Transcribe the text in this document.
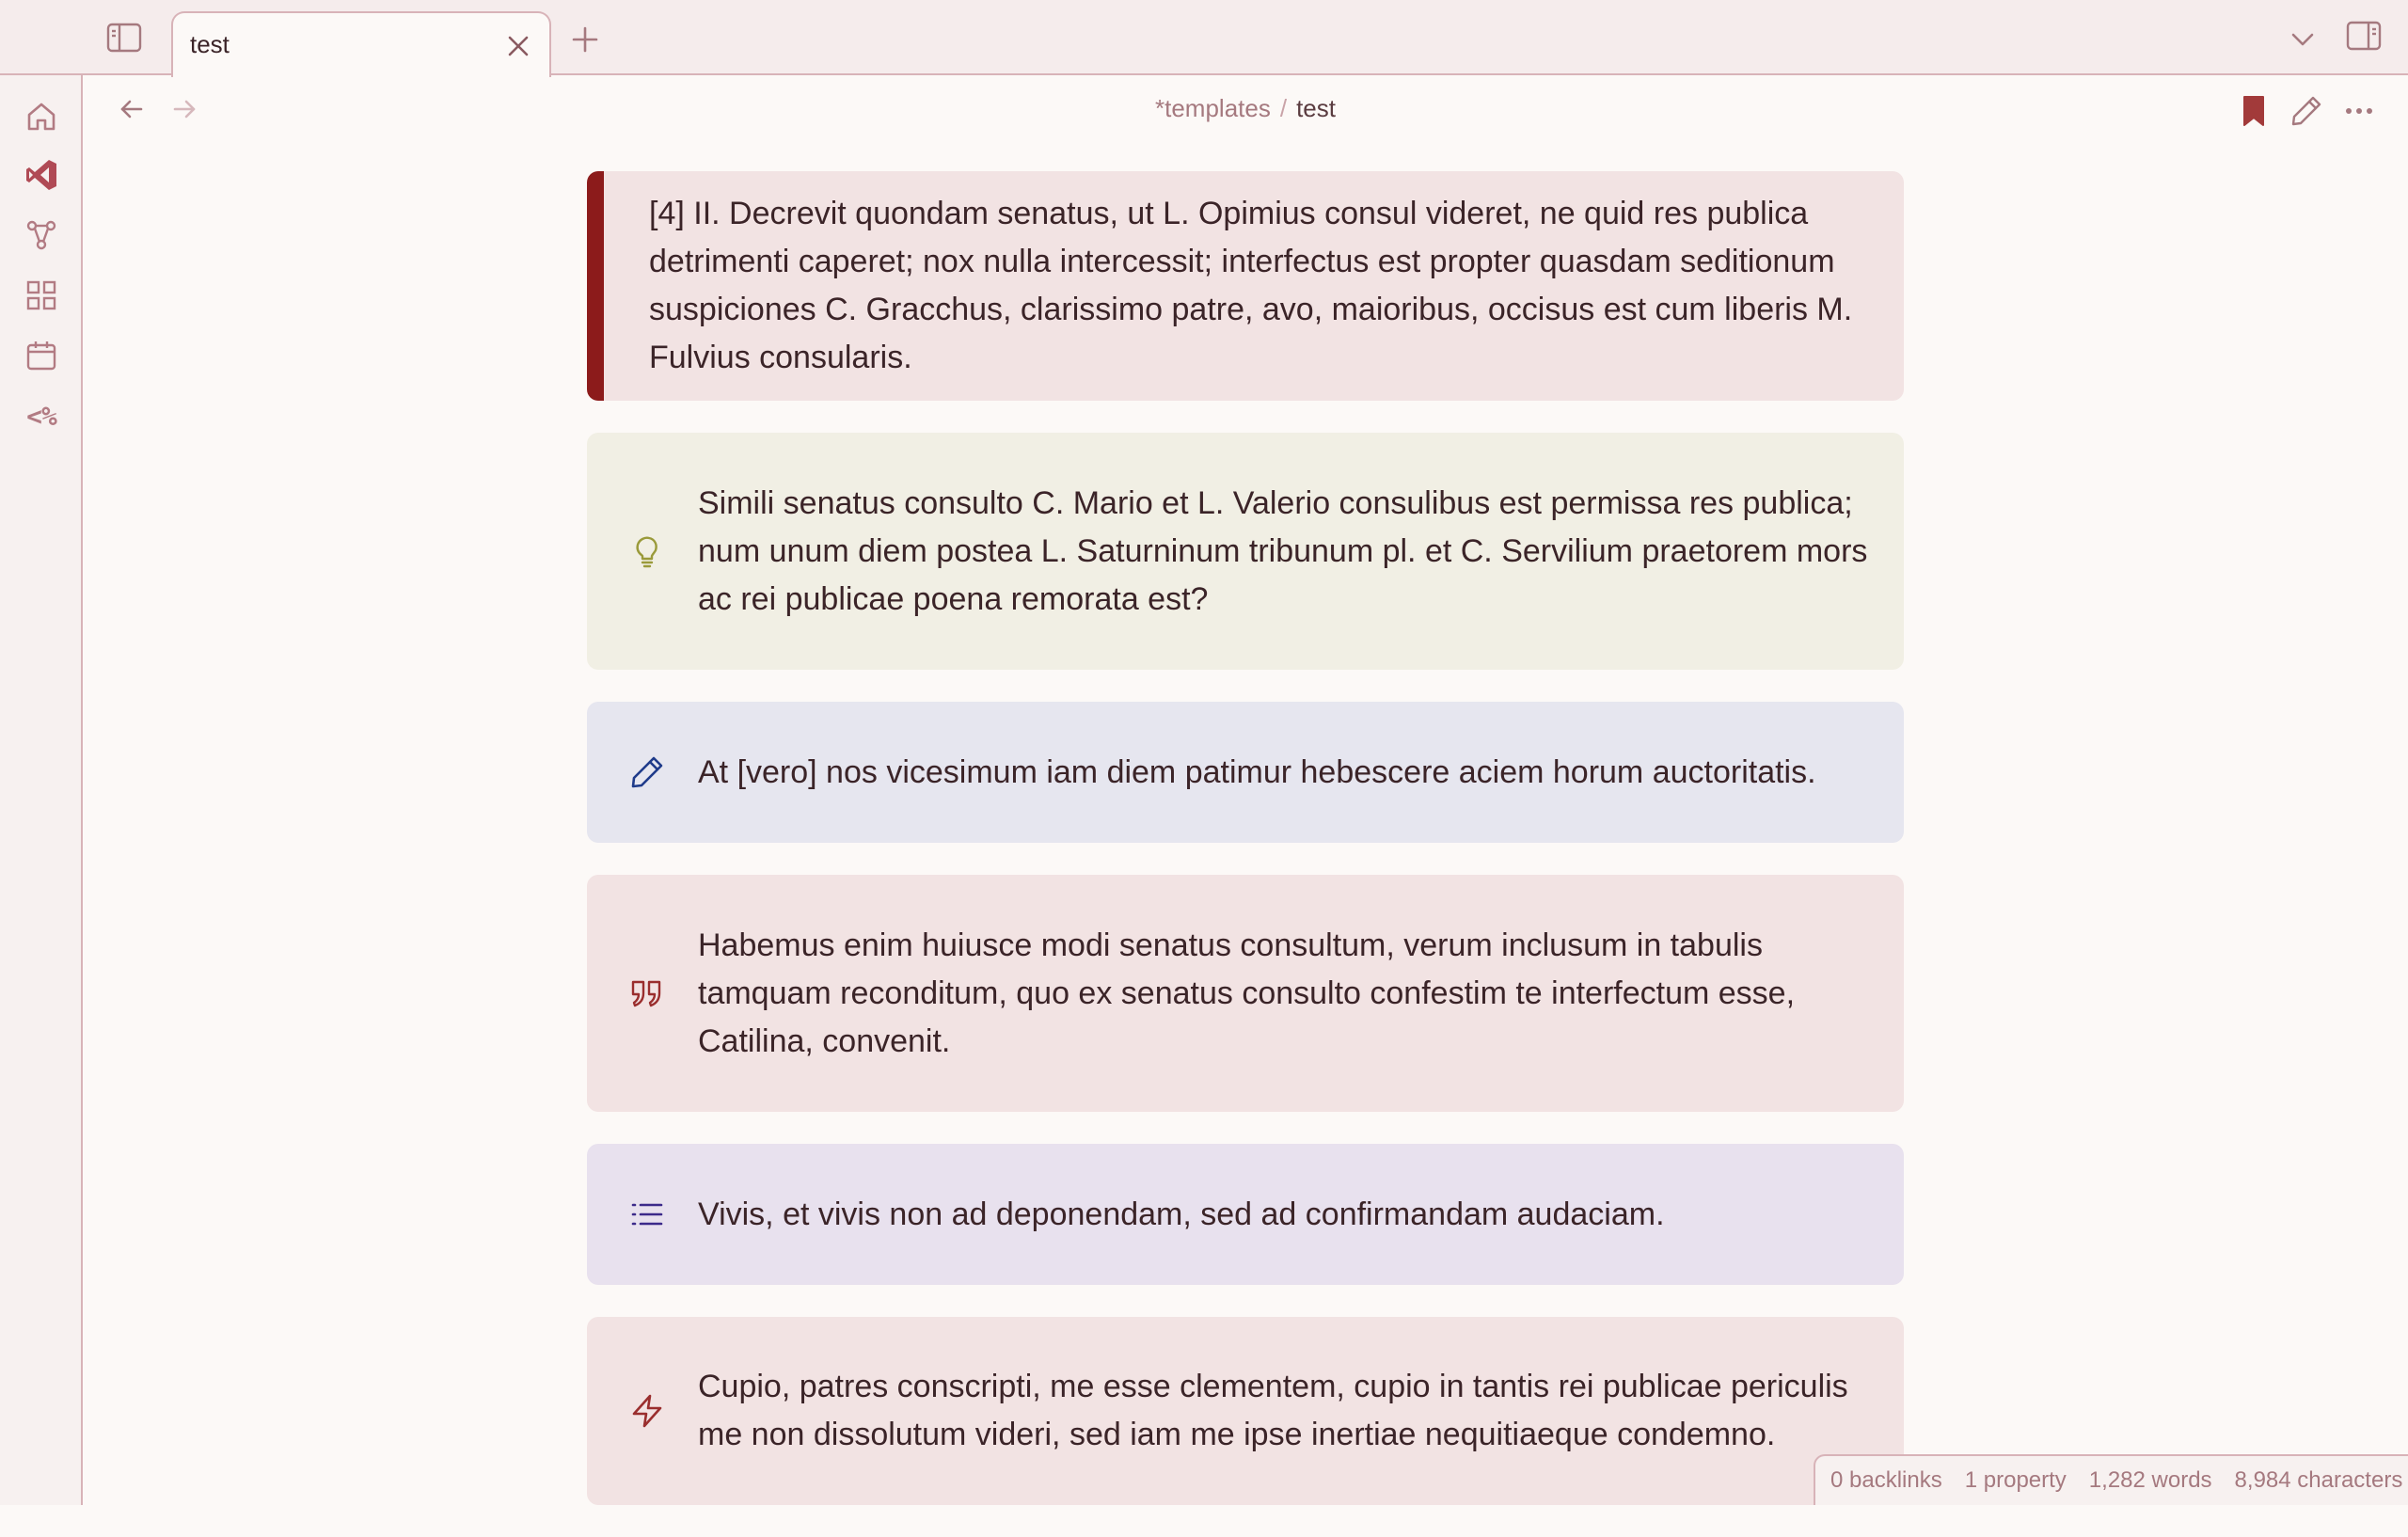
test
<%
*templates / test
[4] II. Decrevit quondam senatus, ut L. Opimius consul videret, ne quid res publica detrimenti caperet; nox nulla intercessit; interfectus est propter quasdam seditionum suspiciones C. Gracchus, clarissimo patre, avo, maioribus, occisus est cum liberis M. Fulvius consularis.
Simili senatus consulto C. Mario et L. Valerio consulibus est permissa res publica; num unum diem postea L. Saturninum tribunum pl. et C. Servilium praetorem mors ac rei publicae poena remorata est?
At [vero] nos vicesimum iam diem patimur hebescere aciem horum auctoritatis.
Habemus enim huiusce modi senatus consultum, verum inclusum in tabulis tamquam reconditum, quo ex senatus consulto confestim te interfectum esse, Catilina, convenit.
Vivis, et vivis non ad deponendam, sed ad confirmandam audaciam.
Cupio, patres conscripti, me esse clementem, cupio in tantis rei publicae periculis me non dissolutum videri, sed iam me ipse inertiae nequitiaeque condemno.
0 backlinks 1 property 1,282 words 8,984 characters
